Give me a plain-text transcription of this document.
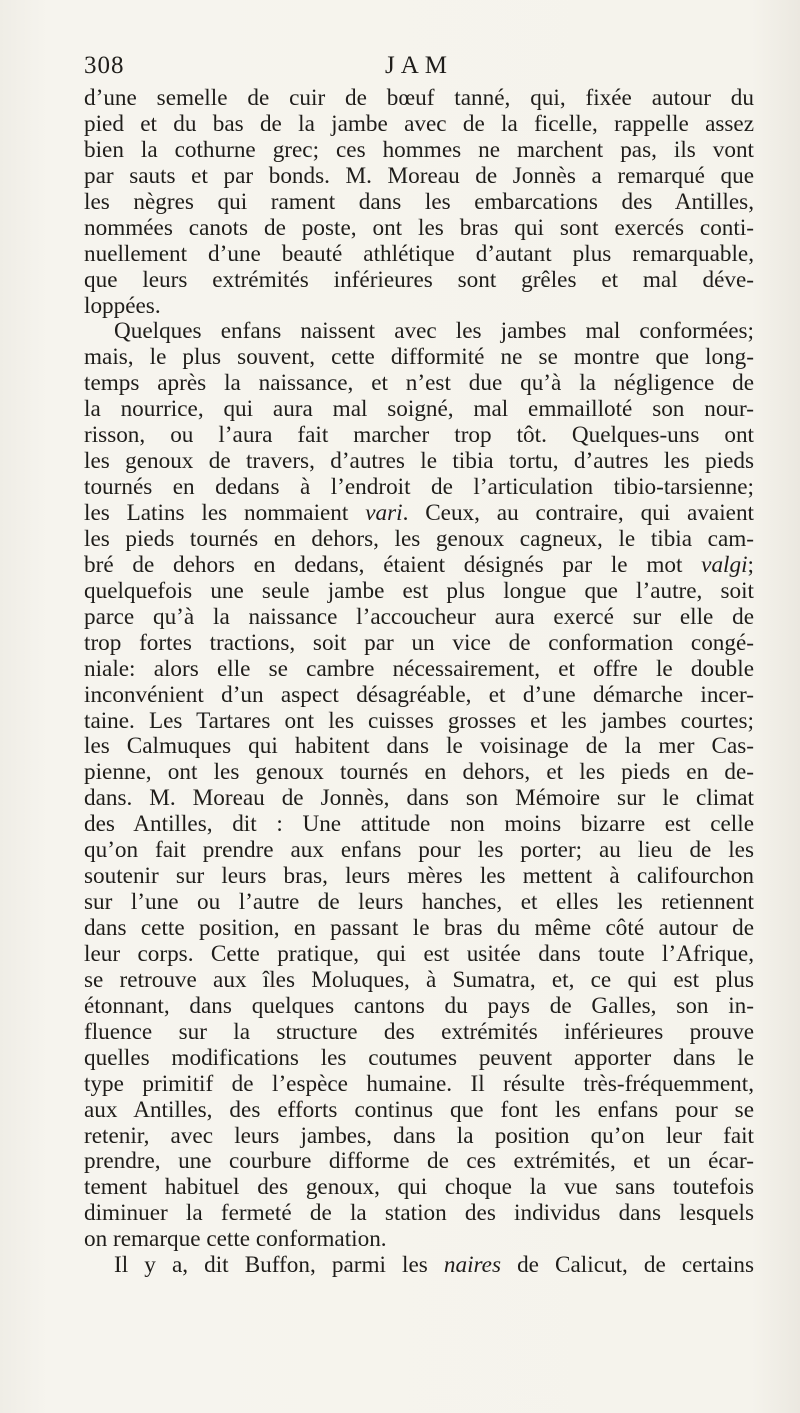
308	JAM
d’une semelle de cuir de bœuf tanné, qui, fixée autour du
pied et du bas de la jambe avec de la ficelle, rappelle assez
bien la cothurne grec; ces hommes ne marchent pas, ils vont
par sauts et par bonds. M. Moreau de Jonnès a remarqué que
les nègres qui rament dans les embarcations des Antilles,
nommées canots de poste, ont les bras qui sont exercés conti-
nuellement d’une beauté athlétique d’autant plus remarquable,
que leurs extrémités inférieures sont grêles et mal déve-
loppées.
Quelques enfans naissent avec les jambes mal conformées;
mais, le plus souvent, cette difformité ne se montre que long-
temps après la naissance, et n’est due qu’à la négligence de
la nourrice, qui aura mal soigné, mal emmailloté son nour-
risson, ou l’aura fait marcher trop tôt. Quelques-uns ont
les genoux de travers, d’autres le tibia tortu, d’autres les pieds
tournés en dedans à l’endroit de l’articulation tibio-tarsienne;
les Latins les nommaient vari. Ceux, au contraire, qui avaient
les pieds tournés en dehors, les genoux cagneux, le tibia cam-
bré de dehors en dedans, étaient désignés par le mot valgi;
quelquefois une seule jambe est plus longue que l’autre, soit
parce qu’à la naissance l’accoucheur aura exercé sur elle de
trop fortes tractions, soit par un vice de conformation congé-
niale: alors elle se cambre nécessairement, et offre le double
inconvénient d’un aspect désagréable, et d’une démarche incer-
taine. Les Tartares ont les cuisses grosses et les jambes courtes;
les Calmuques qui habitent dans le voisinage de la mer Cas-
pienne, ont les genoux tournés en dehors, et les pieds en de-
dans. M. Moreau de Jonnès, dans son Mémoire sur le climat
des Antilles, dit : Une attitude non moins bizarre est celle
qu’on fait prendre aux enfans pour les porter; au lieu de les
soutenir sur leurs bras, leurs mères les mettent à califourchon
sur l’une ou l’autre de leurs hanches, et elles les retiennent
dans cette position, en passant le bras du même côté autour de
leur corps. Cette pratique, qui est usitée dans toute l’Afrique,
se retrouve aux îles Moluques, à Sumatra, et, ce qui est plus
étonnant, dans quelques cantons du pays de Galles, son in-
fluence sur la structure des extrémités inférieures prouve
quelles modifications les coutumes peuvent apporter dans le
type primitif de l’espèce humaine. Il résulte très-fréquemment,
aux Antilles, des efforts continus que font les enfans pour se
retenir, avec leurs jambes, dans la position qu’on leur fait
prendre, une courbure difforme de ces extrémités, et un écar-
tement habituel des genoux, qui choque la vue sans toutefois
diminuer la fermeté de la station des individus dans lesquels
on remarque cette conformation.
Il y a, dit Buffon, parmi les naires de Calicut, de certains
